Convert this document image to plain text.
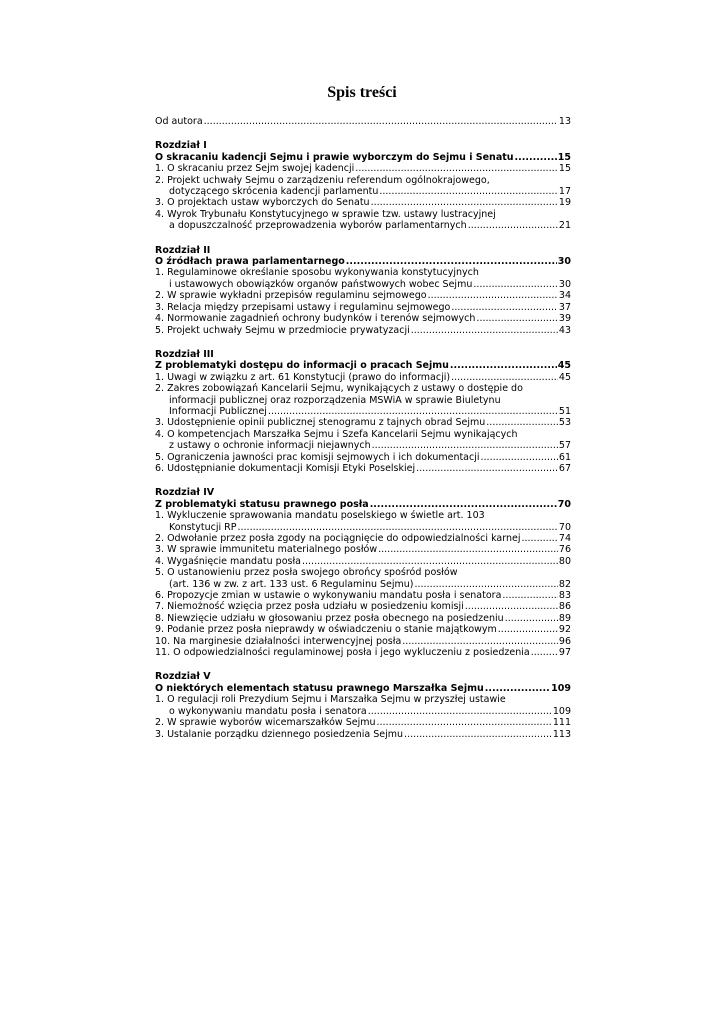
Spis treści
Od autora .....	13
Rozdział I
O skracaniu kadencji Sejmu i prawie wyborczym do Sejmu i Senatu .....	15
1. O skracaniu przez Sejm swojej kadencji .....	15
2. Projekt uchwały Sejmu o zarządzeniu referendum ogólnokrajowego,
dotyczącego skrócenia kadencji parlamentu .....	17
3. O projektach ustaw wyborczych do Senatu .....	19
4. Wyrok Trybunału Konstytucyjnego w sprawie tzw. ustawy lustracyjnej
a dopuszczalność przeprowadzenia wyborów parlamentarnych .....	21
Rozdział II
O źródłach prawa parlamentarnego .....	30
1. Regulaminowe określanie sposobu wykonywania konstytucyjnych
i ustawowych obowiązków organów państwowych wobec Sejmu .....	30
2. W sprawie wykładni przepisów regulaminu sejmowego .....	34
3. Relacja między przepisami ustawy i regulaminu sejmowego .....	37
4. Normowanie zagadnień ochrony budynków i terenów sejmowych .....	39
5. Projekt uchwały Sejmu w przedmiocie prywatyzacji .....	43
Rozdział III
Z problematyki dostępu do informacji o pracach Sejmu .....	45
1. Uwagi w związku z art. 61 Konstytucji (prawo do informacji) .....	45
2. Zakres zobowiązań Kancelarii Sejmu, wynikających z ustawy o dostępie do
informacji publicznej oraz rozporządzenia MSWiA w sprawie Biuletynu
Informacji Publicznej .....	51
3. Udostępnienie opinii publicznej stenogramu z tajnych obrad Sejmu .....	53
4. O kompetencjach Marszałka Sejmu i Szefa Kancelarii Sejmu wynikających
z ustawy o ochronie informacji niejawnych .....	57
5. Ograniczenia jawności prac komisji sejmowych i ich dokumentacji .....	61
6. Udostępnianie dokumentacji Komisji Etyki Poselskiej .....	67
Rozdział IV
Z problematyki statusu prawnego posła .....	70
1. Wykluczenie sprawowania mandatu poselskiego w świetle art. 103
Konstytucji RP .....	70
2. Odwołanie przez posła zgody na pociągnięcie do odpowiedzialności karnej .....	74
3. W sprawie immunitetu materialnego posłów .....	76
4. Wygaśnięcie mandatu posła .....	80
5. O ustanowieniu przez posła swojego obrońcy spośród posłów
(art. 136 w zw. z art. 133 ust. 6 Regulaminu Sejmu) .....	82
6. Propozycje zmian w ustawie o wykonywaniu mandatu posła i senatora .....	83
7. Niemożność wzięcia przez posła udziału w posiedzeniu komisji .....	86
8. Niewzięcie udziału w głosowaniu przez posła obecnego na posiedzeniu .....	89
9. Podanie przez posła nieprawdy w oświadczeniu o stanie majątkowym .....	92
10. Na marginesie działalności interwencyjnej posła .....	96
11. O odpowiedzialności regulaminowej posła i jego wykluczeniu z posiedzenia .....	97
Rozdział V
O niektórych elementach statusu prawnego Marszałka Sejmu .....	109
1. O regulacji roli Prezydium Sejmu i Marszałka Sejmu w przyszłej ustawie
o wykonywaniu mandatu posła i senatora .....	109
2. W sprawie wyborów wicemarszałków Sejmu .....	111
3. Ustalanie porządku dziennego posiedzenia Sejmu .....	113
